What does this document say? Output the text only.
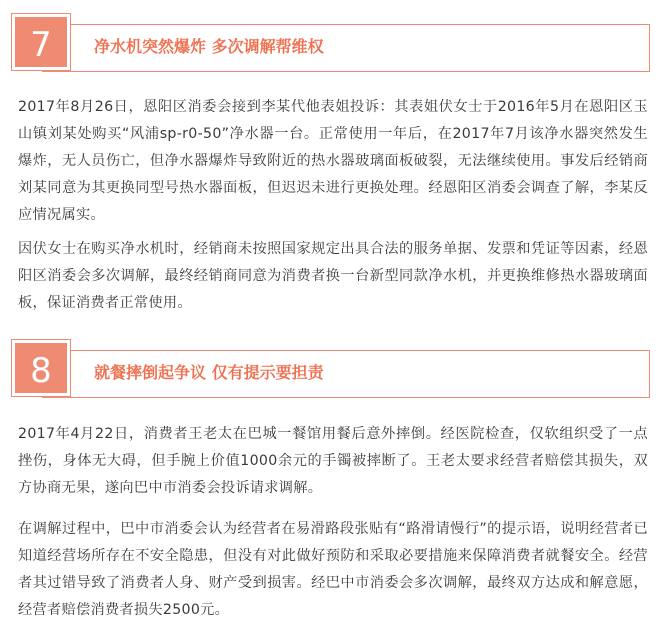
7	净水机突然爆炸 多次调解帮维权

2017年8月26日，恩阳区消委会接到李某代他表姐投诉：其表姐伏女士于2016年5月在恩阳区玉山镇刘某处购买“风浦sp-r0-50”净水器一台。正常使用一年后，在2017年7月该净水器突然发生爆炸，无人员伤亡，但净水器爆炸导致附近的热水器玻璃面板破裂，无法继续使用。事发后经销商刘某同意为其更换同型号热水器面板，但迟迟未进行更换处理。经恩阳区消委会调查了解，李某反应情况属实。

因伏女士在购买净水机时，经销商未按照国家规定出具合法的服务单据、发票和凭证等因素，经恩阳区消委会多次调解，最终经销商同意为消费者换一台新型同款净水机，并更换维修热水器玻璃面板，保证消费者正常使用。

8	就餐摔倒起争议 仅有提示要担责

2017年4月22日，消费者王老太在巴城一餐馆用餐后意外摔倒。经医院检查，仅软组织受了一点挫伤，身体无大碍，但手腕上价值1000余元的手镯被摔断了。王老太要求经营者赔偿其损失，双方协商无果，遂向巴中市消委会投诉请求调解。

在调解过程中，巴中市消委会认为经营者在易滑路段张贴有“路滑请慢行”的提示语，说明经营者已知道经营场所存在不安全隐患，但没有对此做好预防和采取必要措施来保障消费者就餐安全。经营者其过错导致了消费者人身、财产受到损害。经巴中市消委会多次调解，最终双方达成和解意愿，经营者赔偿消费者损失2500元。
